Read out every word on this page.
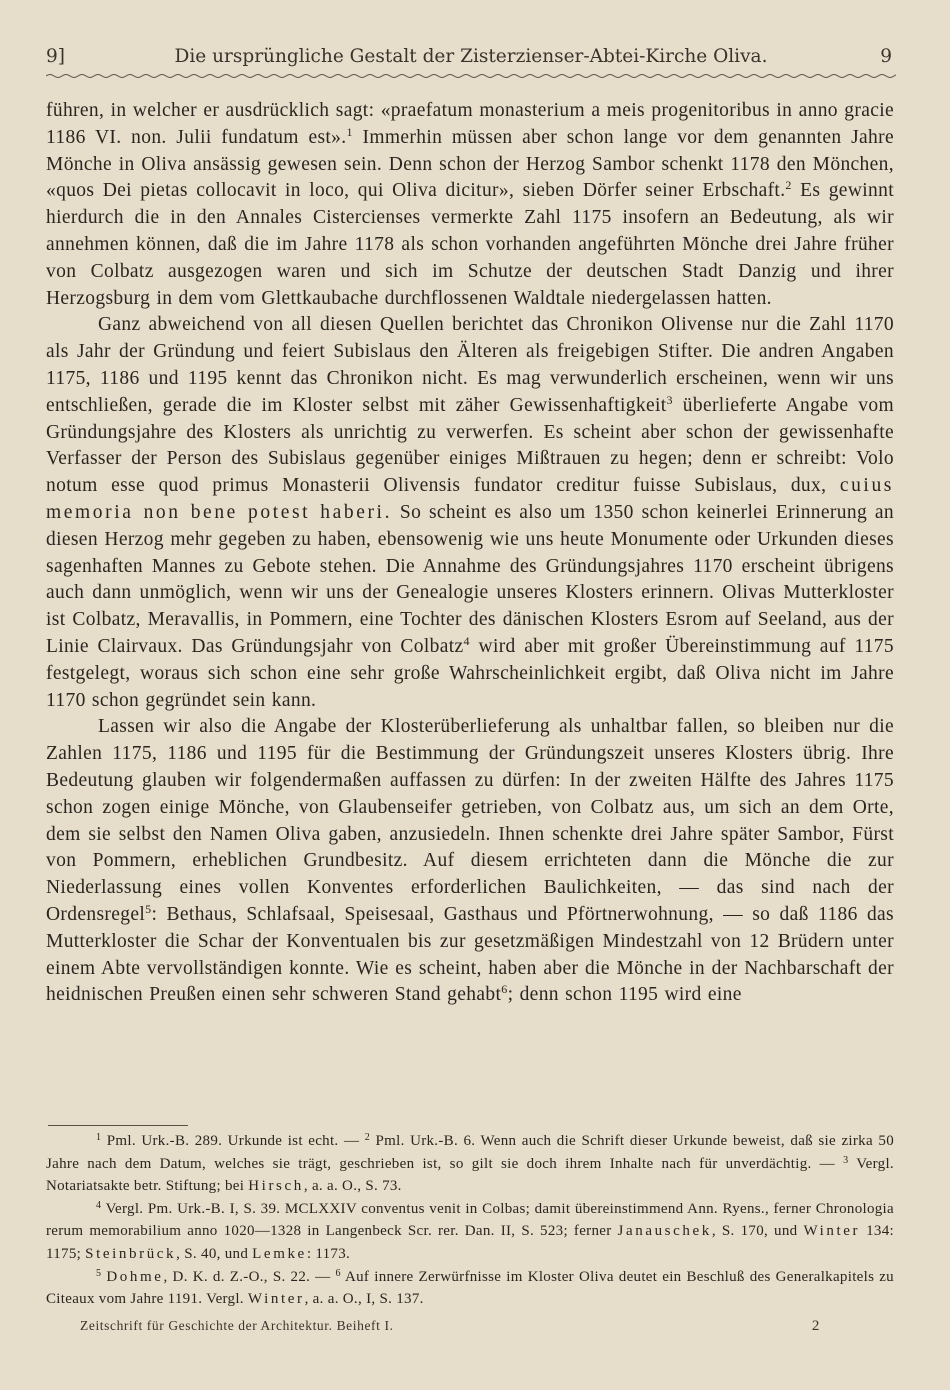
9]	Die ursprüngliche Gestalt der Zisterzienser-Abtei-Kirche Oliva.	9

führen, in welcher er ausdrücklich sagt: «praefatum monasterium a meis progenitoribus in anno gracie 1186 VI. non. Julii fundatum est».$^1$ Immerhin müssen aber schon lange vor dem genannten Jahre Mönche in Oliva ansässig gewesen sein. Denn schon der Herzog Sambor schenkt 1178 den Mönchen, «quos Dei pietas collocavit in loco, qui Oliva dicitur», sieben Dörfer seiner Erbschaft.$^2$ Es gewinnt hierdurch die in den Annales Cistercienses vermerkte Zahl 1175 insofern an Bedeutung, als wir annehmen können, daß die im Jahre 1178 als schon vorhanden angeführten Mönche drei Jahre früher von Colbatz ausgezogen waren und sich im Schutze der deutschen Stadt Danzig und ihrer Herzogsburg in dem vom Glettkaubache durchflossenen Waldtale niedergelassen hatten.

Ganz abweichend von all diesen Quellen berichtet das Chronikon Olivense nur die Zahl 1170 als Jahr der Gründung und feiert Subislaus den Älteren als freigebigen Stifter. Die andren Angaben 1175, 1186 und 1195 kennt das Chronikon nicht. Es mag verwunderlich erscheinen, wenn wir uns entschließen, gerade die im Kloster selbst mit zäher Gewissenhaftigkeit$^3$ überlieferte Angabe vom Gründungsjahre des Klosters als unrichtig zu verwerfen. Es scheint aber schon der gewissenhafte Verfasser der Person des Subislaus gegenüber einiges Mißtrauen zu hegen; denn er schreibt: Volo notum esse quod primus Monasterii Olivensis fundator creditur fuisse Subislaus, dux, cuius memoria non bene potest haberi. So scheint es also um 1350 schon keinerlei Erinnerung an diesen Herzog mehr gegeben zu haben, ebensowenig wie uns heute Monumente oder Urkunden dieses sagenhaften Mannes zu Gebote stehen. Die Annahme des Gründungsjahres 1170 erscheint übrigens auch dann unmöglich, wenn wir uns der Genealogie unseres Klosters erinnern. Olivas Mutterkloster ist Colbatz, Meravallis, in Pommern, eine Tochter des dänischen Klosters Esrom auf Seeland, aus der Linie Clairvaux. Das Gründungsjahr von Colbatz$^4$ wird aber mit großer Übereinstimmung auf 1175 festgelegt, woraus sich schon eine sehr große Wahrscheinlichkeit ergibt, daß Oliva nicht im Jahre 1170 schon gegründet sein kann.

Lassen wir also die Angabe der Klosterüberlieferung als unhaltbar fallen, so bleiben nur die Zahlen 1175, 1186 und 1195 für die Bestimmung der Gründungszeit unseres Klosters übrig. Ihre Bedeutung glauben wir folgendermaßen auffassen zu dürfen: In der zweiten Hälfte des Jahres 1175 schon zogen einige Mönche, von Glaubenseifer getrieben, von Colbatz aus, um sich an dem Orte, dem sie selbst den Namen Oliva gaben, anzusiedeln. Ihnen schenkte drei Jahre später Sambor, Fürst von Pommern, erheblichen Grundbesitz. Auf diesem errichteten dann die Mönche die zur Niederlassung eines vollen Konventes erforderlichen Baulichkeiten, — das sind nach der Ordensregel$^5$: Bethaus, Schlafsaal, Speisesaal, Gasthaus und Pförtnerwohnung, — so daß 1186 das Mutterkloster die Schar der Konventualen bis zur gesetzmäßigen Mindestzahl von 12 Brüdern unter einem Abte vervollständigen konnte. Wie es scheint, haben aber die Mönche in der Nachbarschaft der heidnischen Preußen einen sehr schweren Stand gehabt$^6$; denn schon 1195 wird eine

$^1$ Pml. Urk.-B. 289. Urkunde ist echt. — $^2$ Pml. Urk.-B. 6. Wenn auch die Schrift dieser Urkunde beweist, daß sie zirka 50 Jahre nach dem Datum, welches sie trägt, geschrieben ist, so gilt sie doch ihrem Inhalte nach für unverdächtig. — $^3$ Vergl. Notariatsakte betr. Stiftung; bei Hirsch, a. a. O., S. 73.

$^4$ Vergl. Pm. Urk.-B. I, S. 39. MCLXXIV conventus venit in Colbas; damit übereinstimmend Ann. Ryens., ferner Chronologia rerum memorabilium anno 1020—1328 in Langenbeck Scr. rer. Dan. II, S. 523; ferner Janauschek, S. 170, und Winter 134: 1175; Steinbrück, S. 40, und Lemke: 1173.

$^5$ Dohme, D. K. d. Z.-O., S. 22. — $^6$ Auf innere Zerwürfnisse im Kloster Oliva deutet ein Beschluß des Generalkapitels zu Citeaux vom Jahre 1191. Vergl. Winter, a. a. O., I, S. 137.

Zeitschrift für Geschichte der Architektur. Beiheft I.	2
